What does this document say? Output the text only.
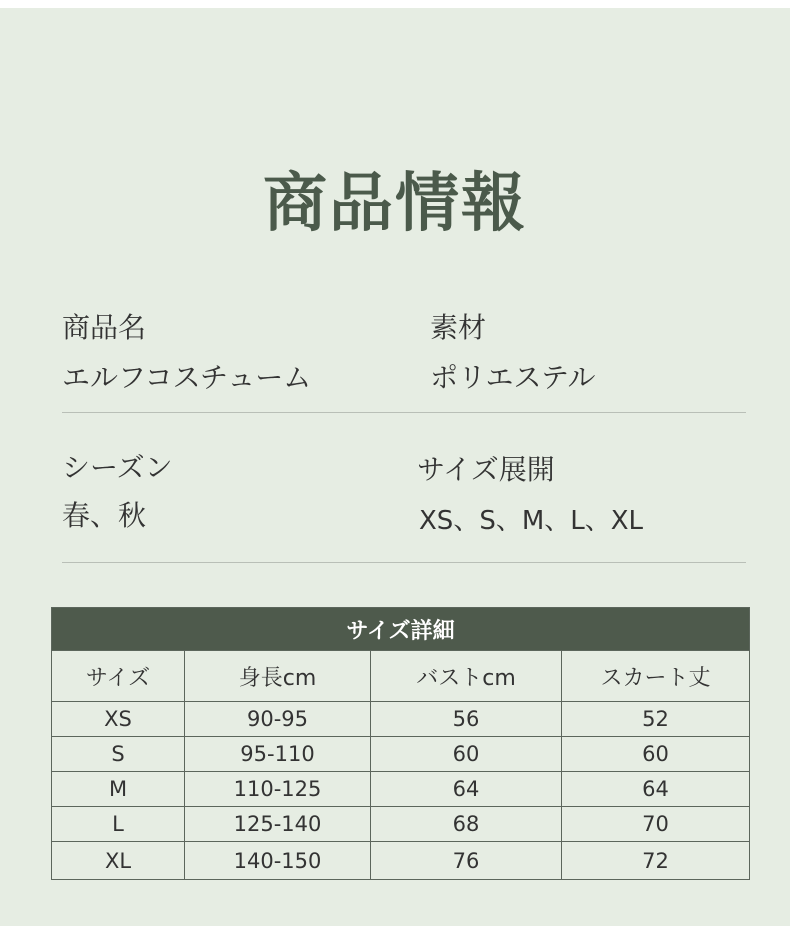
商品情報
商品名
エルフコスチューム
素材
ポリエステル
シーズン
春、秋
サイズ展開
XS、S、M、L、XL
サイズ詳細			
サイズ	身長cm	バストcm	スカート丈
XS	90-95	56	52
S	95-110	60	60
M	110-125	64	64
L	125-140	68	70
XL	140-150	76	72
